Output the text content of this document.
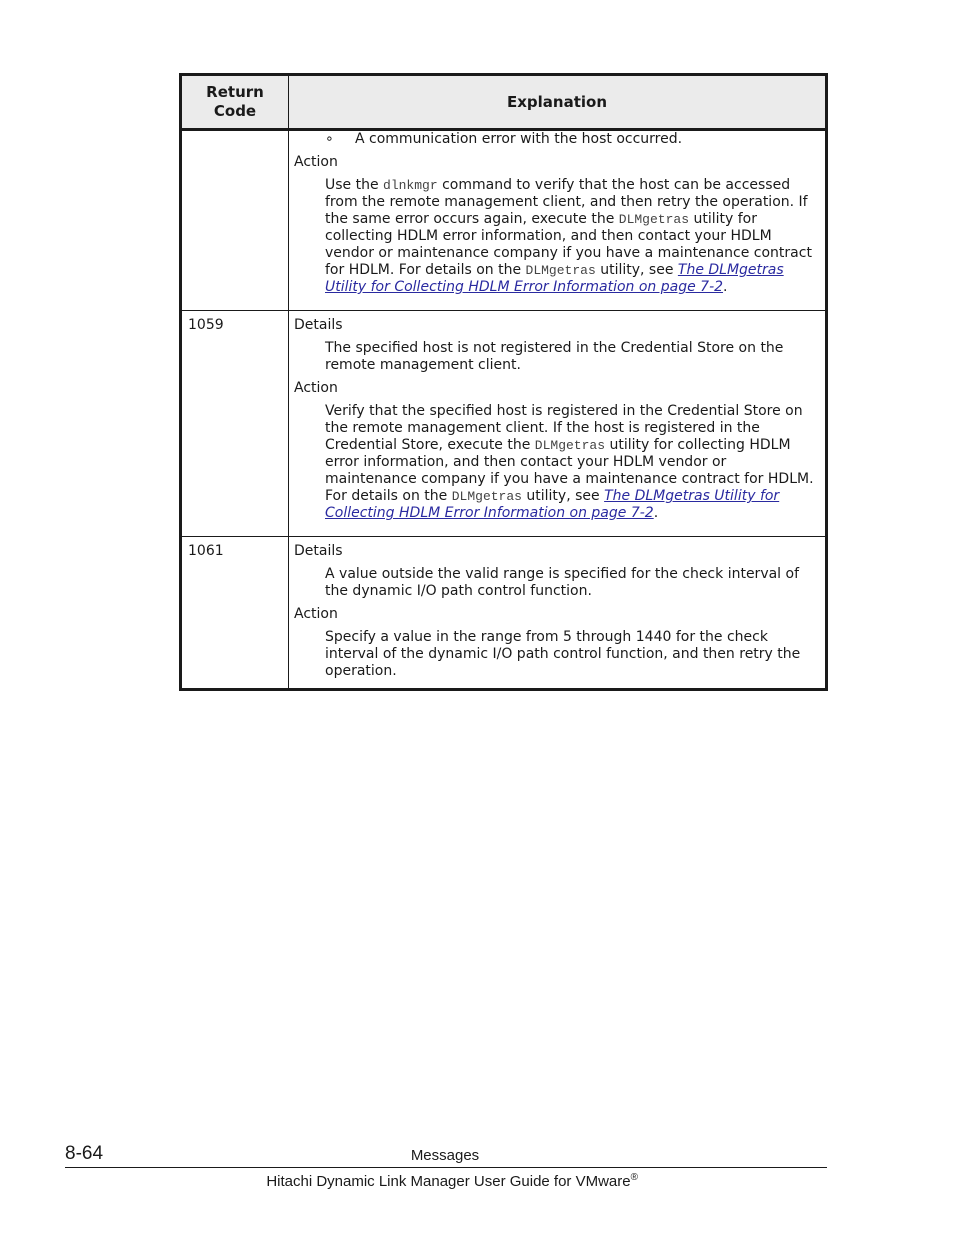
Return
Code	Explanation

	∘ A communication error with the host occurred.
Action
Use the dlnkmgr command to verify that the host can be accessed from the remote management client, and then retry the operation. If the same error occurs again, execute the DLMgetras utility for collecting HDLM error information, and then contact your HDLM vendor or maintenance company if you have a maintenance contract for HDLM. For details on the DLMgetras utility, see The DLMgetras Utility for Collecting HDLM Error Information on page 7-2.

1059	Details
The specified host is not registered in the Credential Store on the remote management client.
Action
Verify that the specified host is registered in the Credential Store on the remote management client. If the host is registered in the Credential Store, execute the DLMgetras utility for collecting HDLM error information, and then contact your HDLM vendor or maintenance company if you have a maintenance contract for HDLM. For details on the DLMgetras utility, see The DLMgetras Utility for Collecting HDLM Error Information on page 7-2.

1061	Details
A value outside the valid range is specified for the check interval of the dynamic I/O path control function.
Action
Specify a value in the range from 5 through 1440 for the check interval of the dynamic I/O path control function, and then retry the operation.
8-64	Messages
Hitachi Dynamic Link Manager User Guide for VMware®
